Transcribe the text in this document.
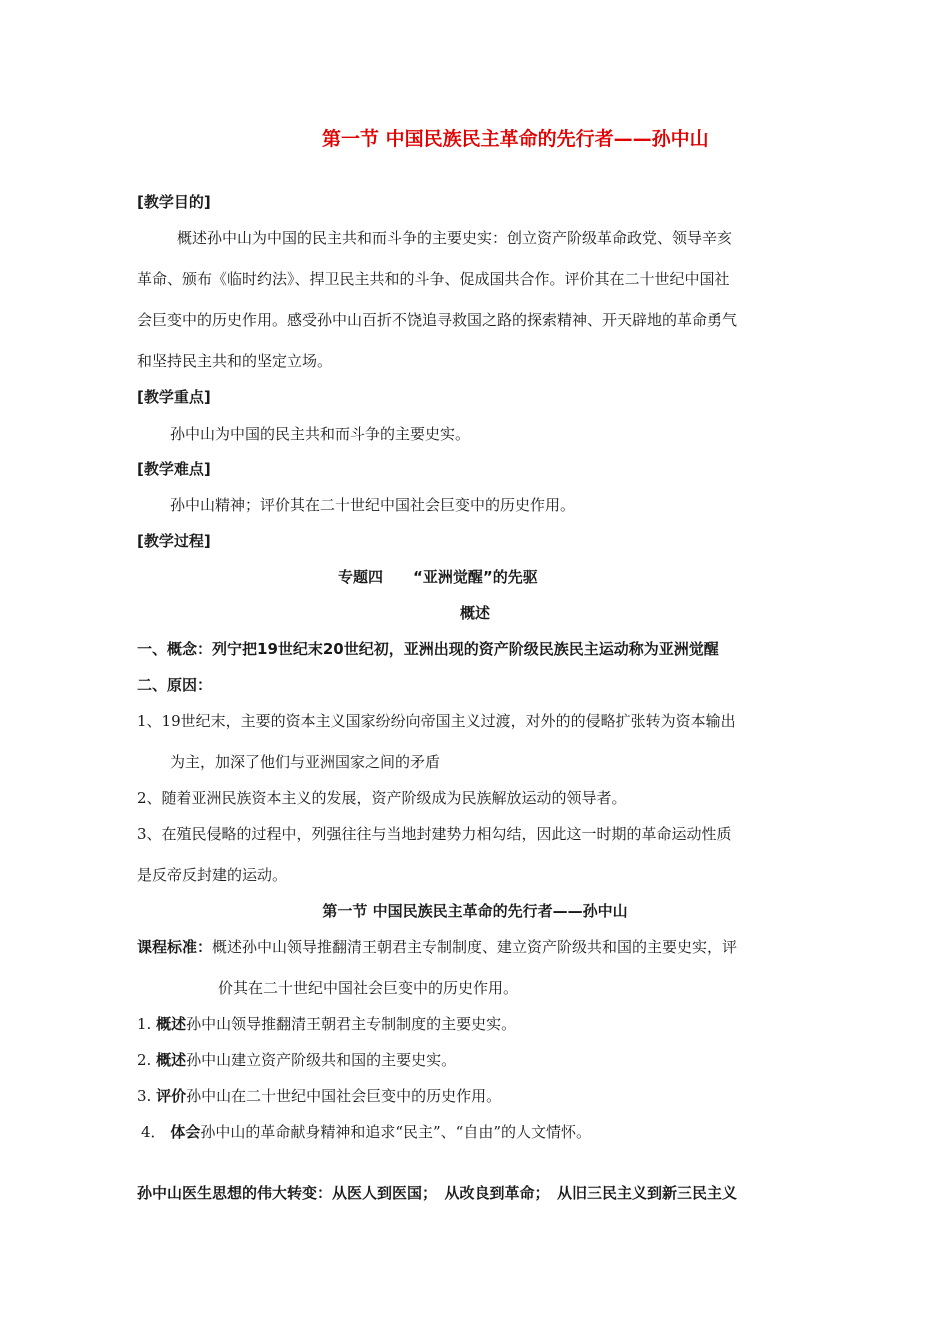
第一节 中国民族民主革命的先行者——孙中山
[教学目的]
概述孙中山为中国的民主共和而斗争的主要史实：创立资产阶级革命政党、领导辛亥
革命、颁布《临时约法》、捍卫民主共和的斗争、促成国共合作。评价其在二十世纪中国社
会巨变中的历史作用。感受孙中山百折不饶追寻救国之路的探索精神、开天辟地的革命勇气
和坚持民主共和的坚定立场。
[教学重点]
孙中山为中国的民主共和而斗争的主要史实。
[教学难点]
孙中山精神；评价其在二十世纪中国社会巨变中的历史作用。
[教学过程]
专题四　　“亚洲觉醒”的先驱
概述
一、概念：列宁把19世纪末20世纪初，亚洲出现的资产阶级民族民主运动称为亚洲觉醒
二、原因：
1、19世纪末，主要的资本主义国家纷纷向帝国主义过渡，对外的的侵略扩张转为资本输出
为主，加深了他们与亚洲国家之间的矛盾
2、随着亚洲民族资本主义的发展，资产阶级成为民族解放运动的领导者。
3、在殖民侵略的过程中，列强往往与当地封建势力相勾结，因此这一时期的革命运动性质
是反帝反封建的运动。
第一节 中国民族民主革命的先行者——孙中山
课程标准：概述孙中山领导推翻清王朝君主专制制度、建立资产阶级共和国的主要史实，评
价其在二十世纪中国社会巨变中的历史作用。
1. 概述孙中山领导推翻清王朝君主专制制度的主要史实。
2. 概述孙中山建立资产阶级共和国的主要史实。
3. 评价孙中山在二十世纪中国社会巨变中的历史作用。
4． 体会孙中山的革命献身精神和追求“民主”、“自由”的人文情怀。
孙中山医生思想的伟大转变：从医人到医国；　从改良到革命；　从旧三民主义到新三民主义
